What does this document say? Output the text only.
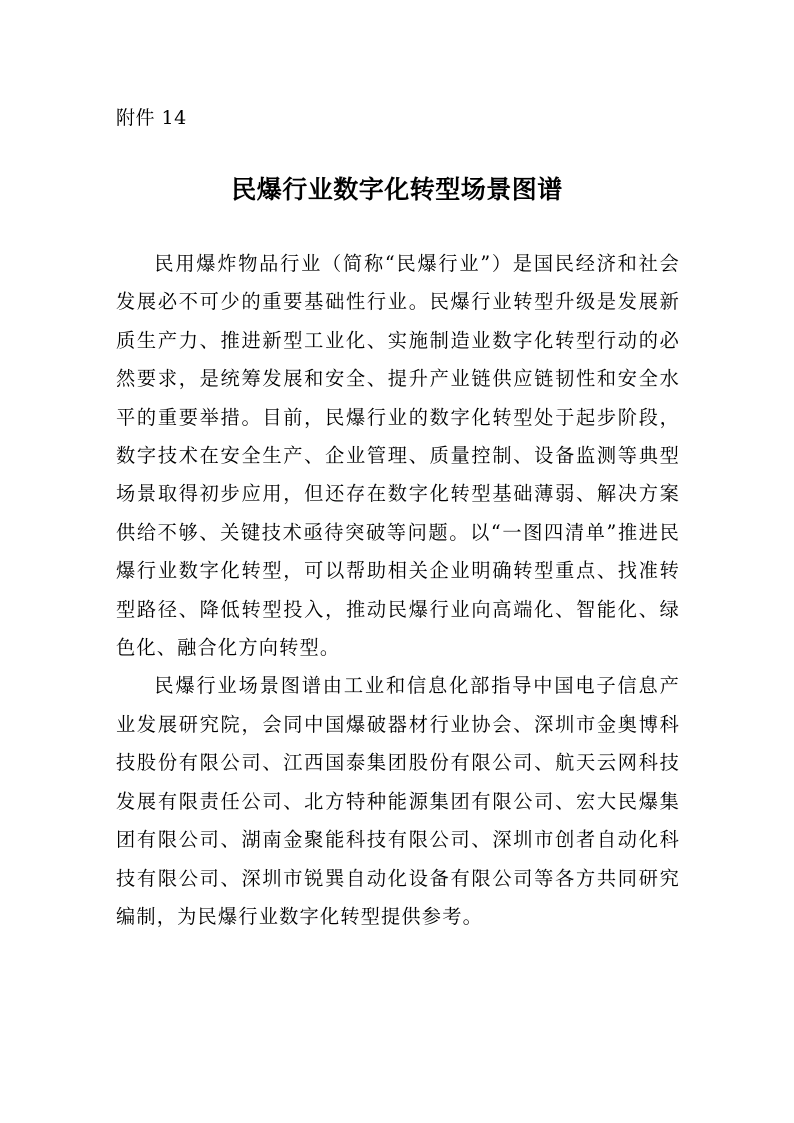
附件 14
民爆行业数字化转型场景图谱

民用爆炸物品行业（简称“民爆行业”）是国民经济和社会发展必不可少的重要基础性行业。民爆行业转型升级是发展新质生产力、推进新型工业化、实施制造业数字化转型行动的必然要求，是统筹发展和安全、提升产业链供应链韧性和安全水平的重要举措。目前，民爆行业的数字化转型处于起步阶段，数字技术在安全生产、企业管理、质量控制、设备监测等典型场景取得初步应用，但还存在数字化转型基础薄弱、解决方案供给不够、关键技术亟待突破等问题。以“一图四清单”推进民爆行业数字化转型，可以帮助相关企业明确转型重点、找准转型路径、降低转型投入，推动民爆行业向高端化、智能化、绿色化、融合化方向转型。

民爆行业场景图谱由工业和信息化部指导中国电子信息产业发展研究院，会同中国爆破器材行业协会、深圳市金奥博科技股份有限公司、江西国泰集团股份有限公司、航天云网科技发展有限责任公司、北方特种能源集团有限公司、宏大民爆集团有限公司、湖南金聚能科技有限公司、深圳市创者自动化科技有限公司、深圳市锐巽自动化设备有限公司等各方共同研究编制，为民爆行业数字化转型提供参考。
